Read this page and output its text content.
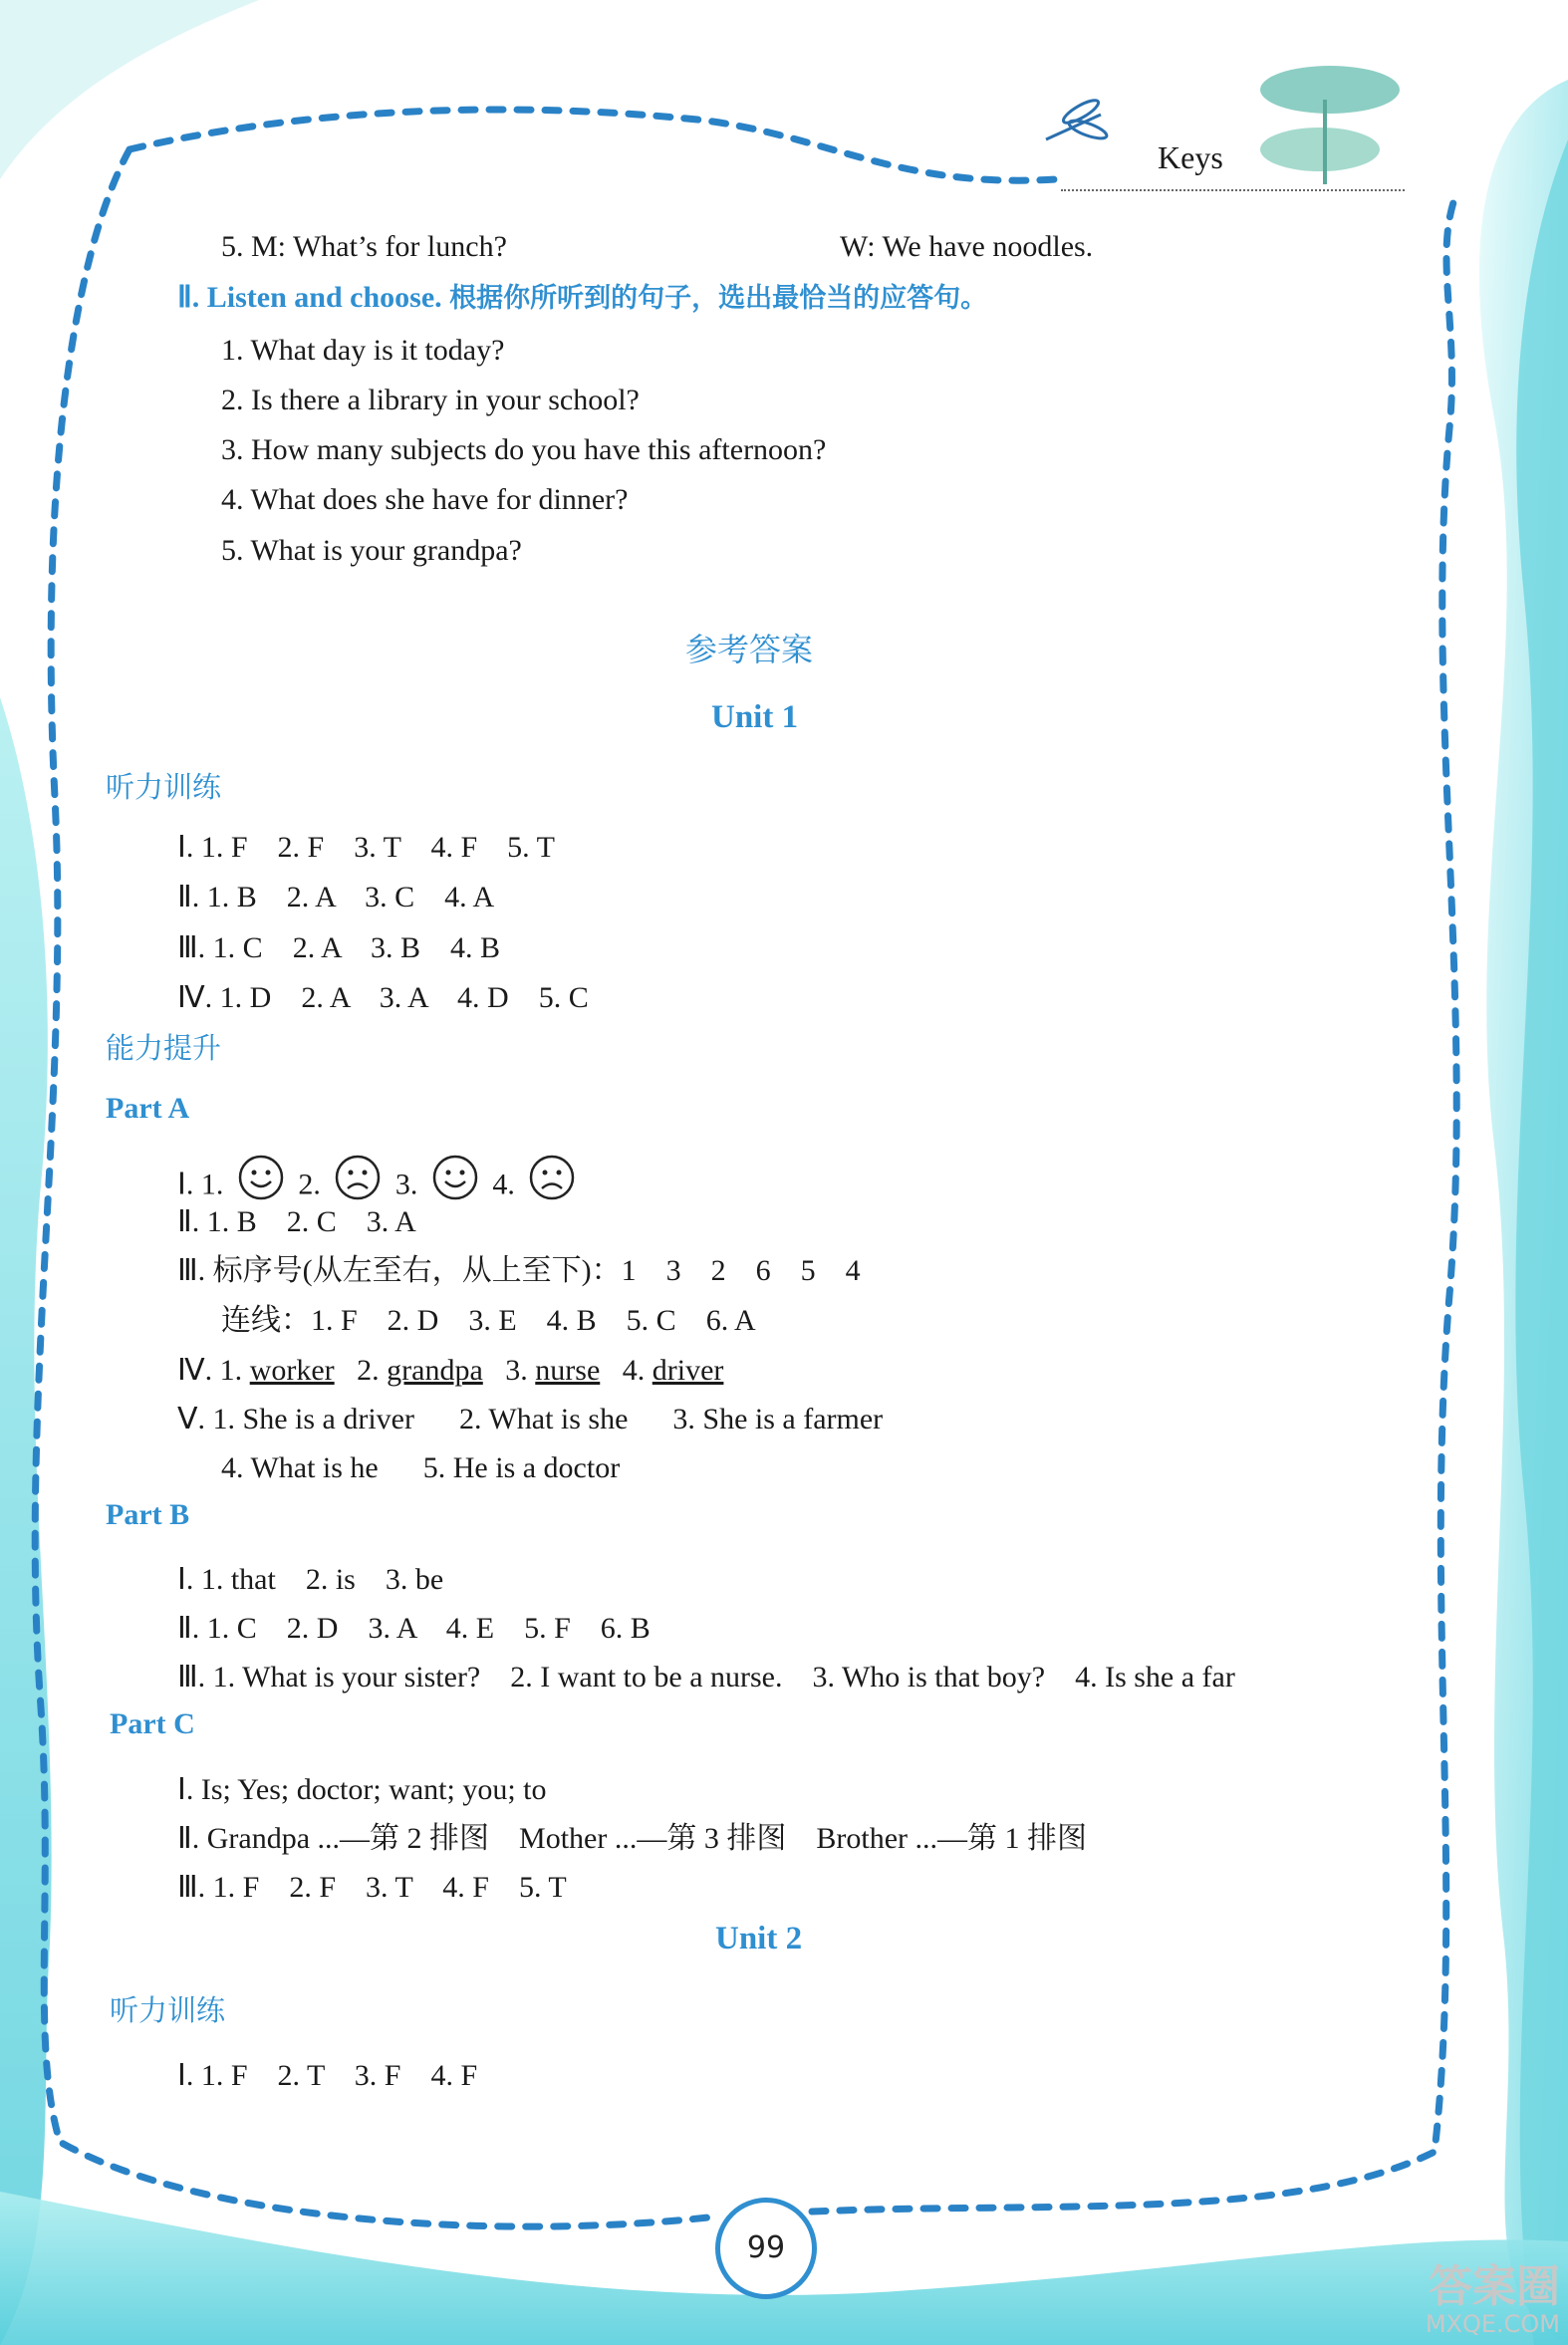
Keys
5. M: What’s for lunch?	W: We have noodles.
Ⅱ. Listen and choose. 根据你所听到的句子，选出最恰当的应答句。
1. What day is it today?
2. Is there a library in your school?
3. How many subjects do you have this afternoon?
4. What does she have for dinner?
5. What is your grandpa?
参考答案
Unit 1
听力训练
Ⅰ. 1. F    2. F    3. T    4. F    5. T
Ⅱ. 1. B    2. A    3. C    4. A
Ⅲ. 1. C    2. A    3. B    4. B
Ⅳ. 1. D    2. A    3. A    4. D    5. C
能力提升
Part A
Ⅰ. 1.	2.	3.	4.
Ⅱ. 1. B    2. C    3. A
Ⅲ. 标序号(从左至右，从上至下)：1    3    2    6    5    4
连线：1. F    2. D    3. E    4. B    5. C    6. A
Ⅳ. 1. worker 2. grandpa 3. nurse 4. driver
Ⅴ. 1. She is a driver      2. What is she      3. She is a farmer
4. What is he      5. He is a doctor
Part B
Ⅰ. 1. that    2. is    3. be
Ⅱ. 1. C    2. D    3. A    4. E    5. F    6. B
Ⅲ. 1. What is your sister?    2. I want to be a nurse.    3. Who is that boy?    4. Is she a far
Part C
Ⅰ. Is; Yes; doctor; want; you; to
Ⅱ. Grandpa ...—第 2 排图    Mother ...—第 3 排图    Brother ...—第 1 排图
Ⅲ. 1. F    2. F    3. T    4. F    5. T
Unit 2
听力训练
Ⅰ. 1. F    2. T    3. F    4. F
99
答案圈
MXQE.COM
